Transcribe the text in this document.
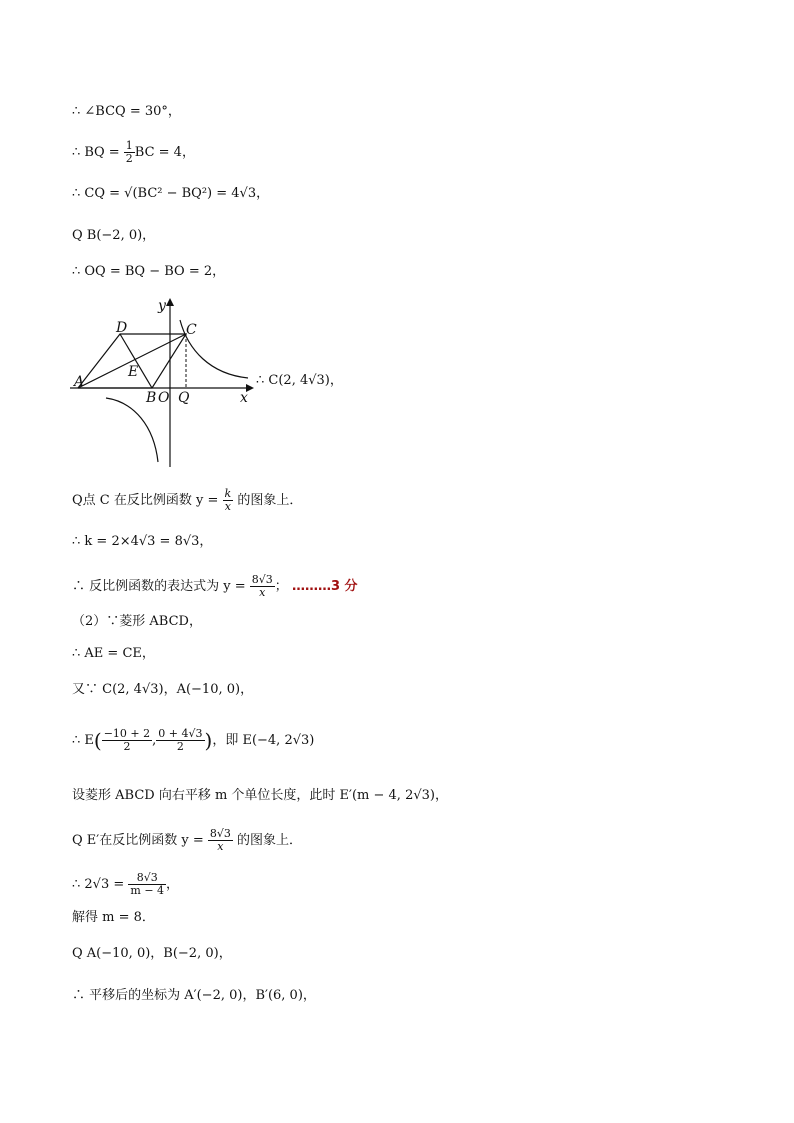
∴ ∠BCQ = 30°，
∴ BQ = $\frac{1}{2}$ BC = 4，
∴ CQ = √(BC² − BQ²) = 4√3，
Q B(−2, 0)，
∴ OQ = BQ − BO = 2，
y
D	C
E
A
B O Q	x
∴ C(2, 4√3)，
Q点 C 在反比例函数 $y = \frac{k}{x}$ 的图象上．
∴ k = 2×4√3 = 8√3，
∴ 反比例函数的表达式为 $y = \frac{8√3}{x}$ ； ………3 分
（2）∵菱形 ABCD，
∴ AE = CE，
又∵ C(2, 4√3)，A(−10, 0)，
∴ $E( \frac{-10 + 2}{2}$ , $\frac{0 + 4√3}{2}$ )，即 E(−4, 2√3)
设菱形 ABCD 向右平移 m 个单位长度，此时 E′(m − 4, 2√3)，
Q E′在反比例函数 $y = \frac{8√3}{x}$ 的图象上．
∴ $2√3 = \frac{8√3}{m - 4}$ ，
解得 m = 8．
Q A(−10, 0)，B(−2, 0)，
∴ 平移后的坐标为 A′(−2, 0)，B′(6, 0)，
